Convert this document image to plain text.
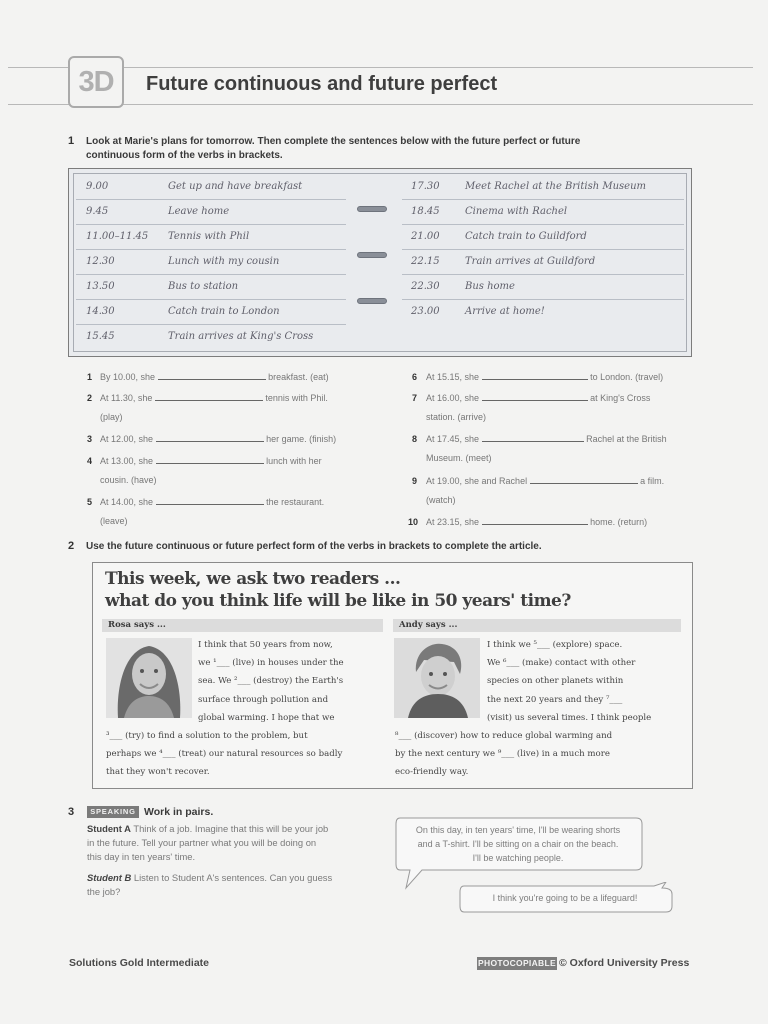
3D Future continuous and future perfect
1 Look at Marie's plans for tomorrow. Then complete the sentences below with the future perfect or future
continuous form of the verbs in brackets.
9.00	Get up and have breakfast
9.45	Leave home
11.00–11.45 Tennis with Phil
12.30	Lunch with my cousin
13.50	Bus to station
14.30	Catch train to London
15.45	Train arrives at King's Cross
17.30	Meet Rachel at the British Museum
18.45	Cinema with Rachel
21.00	Catch train to Guildford
22.15	Train arrives at Guildford
22.30	Bus home
23.00	Arrive at home!
1 By 10.00, she	breakfast. (eat)
2 At 11.30, she	tennis with Phil.
(play)
3 At 12.00, she	her game. (finish)
4 At 13.00, she	lunch with her
cousin. (have)
5 At 14.00, she	the restaurant.
(leave)
6 At 15.15, she	to London. (travel)
7 At 16.00, she	at King's Cross
station. (arrive)
8 At 17.45, she	Rachel at the British
Museum. (meet)
9 At 19.00, she and Rachel	a film.
(watch)
10 At 23.15, she	home. (return)
2 Use the future continuous or future perfect form of the verbs in brackets to complete the article.
This week, we ask two readers ...
what do you think life will be like in 50 years' time?
Rosa says ...	Andy says ...
I think that 50 years from now,
we ¹___ (live) in houses under the
sea. We ²___ (destroy) the Earth's
surface through pollution and
global warming. I hope that we
³___ (try) to find a solution to the problem, but
perhaps we ⁴___ (treat) our natural resources so badly
that they won't recover.
I think we ⁵___ (explore) space.
We ⁶___ (make) contact with other
species on other planets within
the next 20 years and they ⁷___
(visit) us several times. I think people
⁸___ (discover) how to reduce global warming and
by the next century we ⁹___ (live) in a much more
eco-friendly way.
3	SPEAKING Work in pairs.
Student A Think of a job. Imagine that this will be your job
in the future. Tell your partner what you will be doing on
this day in ten years' time.
Student B Listen to Student A's sentences. Can you guess
the job?
On this day, in ten years' time, I'll be wearing shorts
and a T-shirt. I'll be sitting on a chair on the beach.
I'll be watching people.
I think you're going to be a lifeguard!
Solutions Gold Intermediate	PHOTOCOPIABLE © Oxford University Press
